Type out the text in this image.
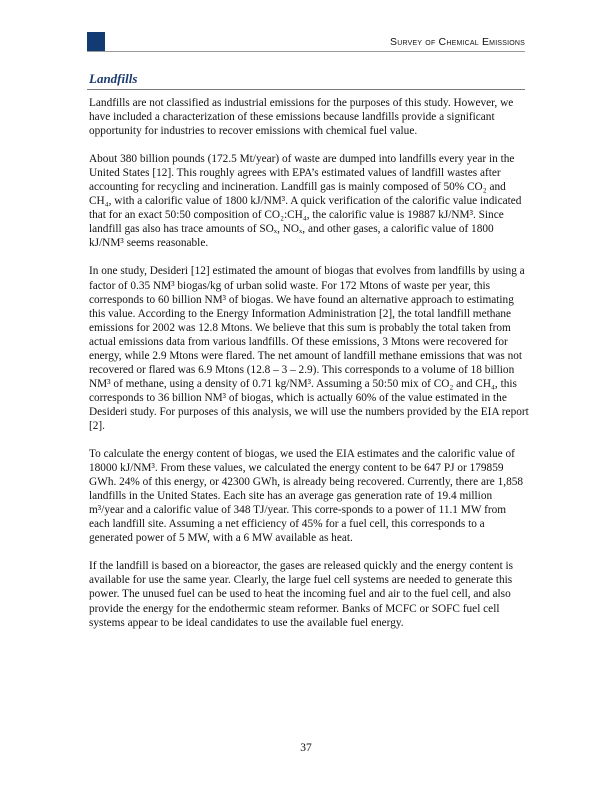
Survey of Chemical Emissions
Landfills

Landfills are not classified as industrial emissions for the purposes of this study. However, we have included a characterization of these emissions because landfills provide a significant opportunity for industries to recover emissions with chemical fuel value.

About 380 billion pounds (172.5 Mt/year) of waste are dumped into landfills every year in the United States [12]. This roughly agrees with EPA’s estimated values of landfill wastes after accounting for recycling and incineration. Landfill gas is mainly composed of 50% CO₂ and CH₄, with a calorific value of 1800 kJ/NM³. A quick verification of the calorific value indicated that for an exact 50:50 composition of CO₂:CH₄, the calorific value is 19887 kJ/NM³. Since landfill gas also has trace amounts of SOₓ, NOₓ, and other gases, a calorific value of 1800 kJ/NM³ seems reasonable.

In one study, Desideri [12] estimated the amount of biogas that evolves from landfills by using a factor of 0.35 NM³ biogas/kg of urban solid waste. For 172 Mtons of waste per year, this corresponds to 60 billion NM³ of biogas. We have found an alternative approach to estimating this value. According to the Energy Information Administration [2], the total landfill methane emissions for 2002 was 12.8 Mtons. We believe that this sum is probably the total taken from actual emissions data from various landfills. Of these emissions, 3 Mtons were recovered for energy, while 2.9 Mtons were flared. The net amount of landfill methane emissions that was not recovered or flared was 6.9 Mtons (12.8 – 3 – 2.9). This corresponds to a volume of 18 billion NM³ of methane, using a density of 0.71 kg/NM³. Assuming a 50:50 mix of CO₂ and CH₄, this corresponds to 36 billion NM³ of biogas, which is actually 60% of the value estimated in the Desideri study. For purposes of this analysis, we will use the numbers provided by the EIA report [2].

To calculate the energy content of biogas, we used the EIA estimates and the calorific value of 18000 kJ/NM³. From these values, we calculated the energy content to be 647 PJ or 179859 GWh. 24% of this energy, or 42300 GWh, is already being recovered. Currently, there are 1,858 landfills in the United States. Each site has an average gas generation rate of 19.4 million m³/year and a calorific value of 348 TJ/year. This corre-sponds to a power of 11.1 MW from each landfill site. Assuming a net efficiency of 45% for a fuel cell, this corresponds to a generated power of 5 MW, with a 6 MW available as heat.

If the landfill is based on a bioreactor, the gases are released quickly and the energy content is available for use the same year. Clearly, the large fuel cell systems are needed to generate this power. The unused fuel can be used to heat the incoming fuel and air to the fuel cell, and also provide the energy for the endothermic steam reformer. Banks of MCFC or SOFC fuel cell systems appear to be ideal candidates to use the available fuel energy.

37
